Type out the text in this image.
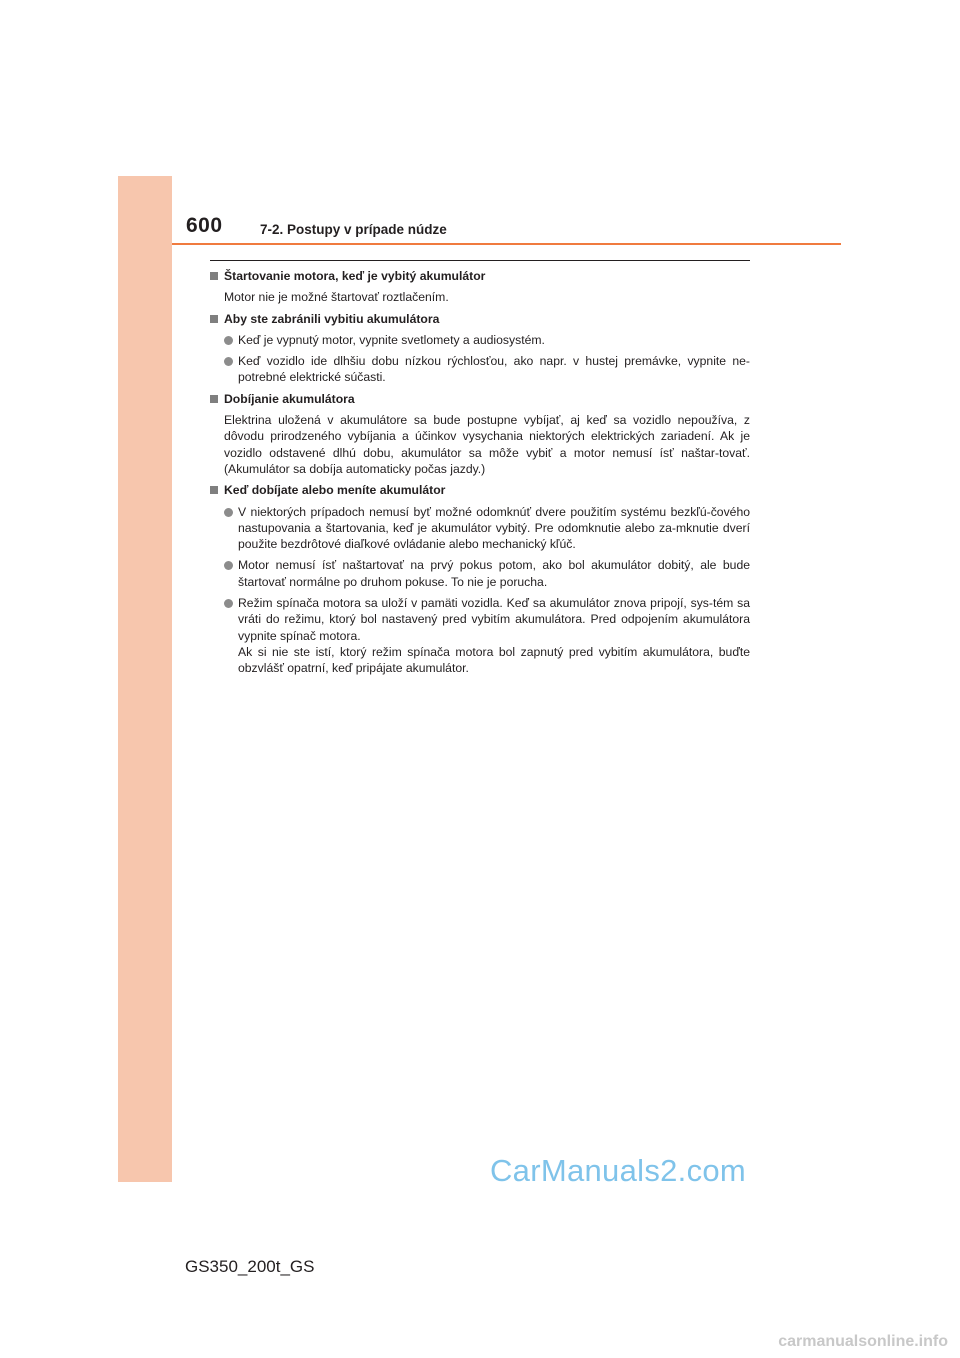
600	7-2. Postupy v prípade núdze
Štartovanie motora, keď je vybitý akumulátor
Motor nie je možné štartovať roztlačením.
Aby ste zabránili vybitiu akumulátora
Keď je vypnutý motor, vypnite svetlomety a audiosystém.
Keď vozidlo ide dlhšiu dobu nízkou rýchlosťou, ako napr. v hustej premávke, vypnite ne-potrebné elektrické súčasti.
Dobíjanie akumulátora
Elektrina uložená v akumulátore sa bude postupne vybíjať, aj keď sa vozidlo nepoužíva, z dôvodu prirodzeného vybíjania a účinkov vysychania niektorých elektrických zariadení. Ak je vozidlo odstavené dlhú dobu, akumulátor sa môže vybiť a motor nemusí ísť naštar-tovať. (Akumulátor sa dobíja automaticky počas jazdy.)
Keď dobíjate alebo meníte akumulátor
V niektorých prípadoch nemusí byť možné odomknúť dvere použitím systému bezkľú-čového nastupovania a štartovania, keď je akumulátor vybitý. Pre odomknutie alebo za-mknutie dverí použite bezdrôtové diaľkové ovládanie alebo mechanický kľúč.
Motor nemusí ísť naštartovať na prvý pokus potom, ako bol akumulátor dobitý, ale bude štartovať normálne po druhom pokuse. To nie je porucha.
Režim spínača motora sa uloží v pamäti vozidla. Keď sa akumulátor znova pripojí, sys-tém sa vráti do režimu, ktorý bol nastavený pred vybitím akumulátora. Pred odpojením akumulátora vypnite spínač motora.
Ak si nie ste istí, ktorý režim spínača motora bol zapnutý pred vybitím akumulátora, buďte obzvlášť opatrní, keď pripájate akumulátor.
CarManuals2.com
GS350_200t_GS
carmanualsonline.info
